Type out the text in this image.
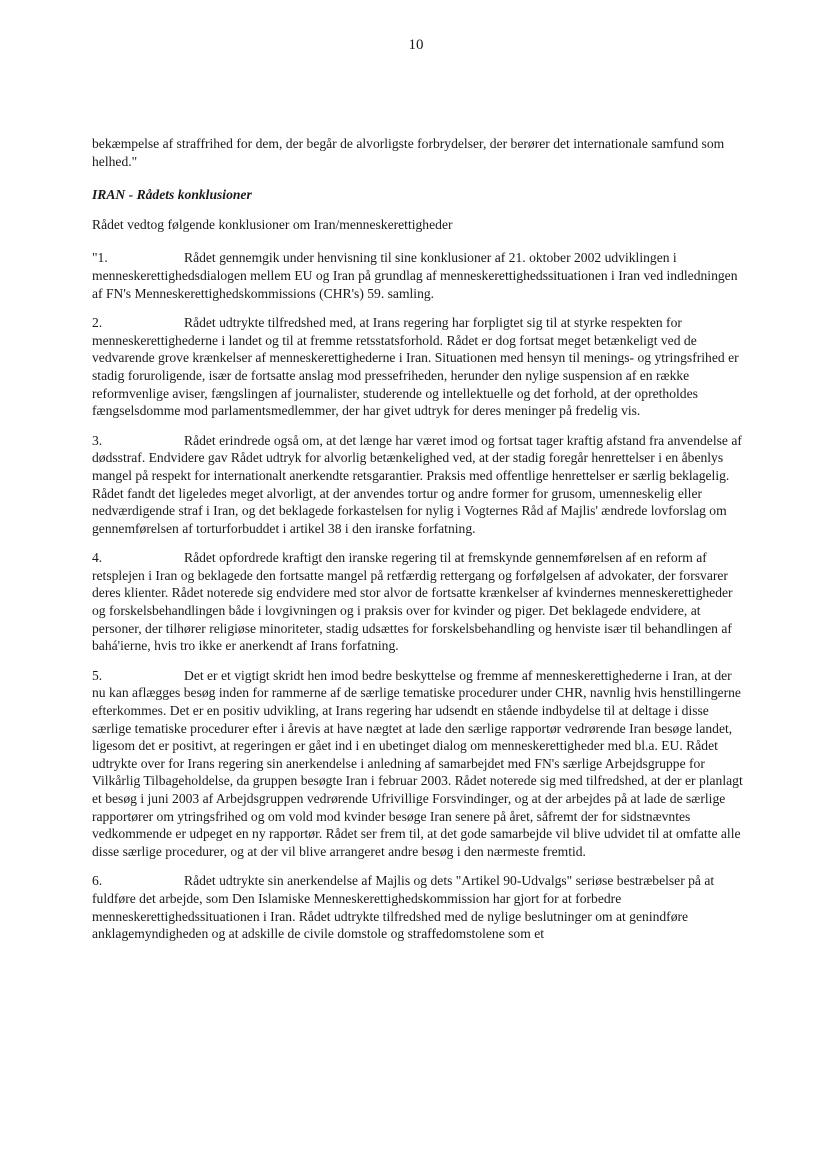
10

bekæmpelse af straffrihed for dem, der begår de alvorligste forbrydelser, der berører det internationale samfund som helhed."

IRAN - Rådets konklusioner

Rådet vedtog følgende konklusioner om Iran/menneskerettigheder

"1.	Rådet gennemgik under henvisning til sine konklusioner af 21. oktober 2002 udviklingen i menneskerettighedsdialogen mellem EU og Iran på grundlag af menneskerettighedssituationen i Iran ved indledningen af FN's Menneskerettighedskommissions (CHR's) 59. samling.

2.	Rådet udtrykte tilfredshed med, at Irans regering har forpligtet sig til at styrke respekten for menneskerettighederne i landet og til at fremme retsstatsforhold. Rådet er dog fortsat meget betænkeligt ved de vedvarende grove krænkelser af menneskerettighederne i Iran. Situationen med hensyn til menings- og ytringsfrihed er stadig foruroligende, især de fortsatte anslag mod pressefriheden, herunder den nylige suspension af en række reformvenlige aviser, fængslingen af journalister, studerende og intellektuelle og det forhold, at der opretholdes fængselsdomme mod parlamentsmedlemmer, der har givet udtryk for deres meninger på fredelig vis.

3.	Rådet erindrede også om, at det længe har været imod og fortsat tager kraftig afstand fra anvendelse af dødsstraf. Endvidere gav Rådet udtryk for alvorlig betænkelighed ved, at der stadig foregår henrettelser i en åbenlys mangel på respekt for internationalt anerkendte retsgarantier. Praksis med offentlige henrettelser er særlig beklagelig. Rådet fandt det ligeledes meget alvorligt, at der anvendes tortur og andre former for grusom, umenneskelig eller nedværdigende straf i Iran, og det beklagede forkastelsen for nylig i Vogternes Råd af Majlis' ændrede lovforslag om gennemførelsen af torturforbuddet i artikel 38 i den iranske forfatning.

4.	Rådet opfordrede kraftigt den iranske regering til at fremskynde gennemførelsen af en reform af retsplejen i Iran og beklagede den fortsatte mangel på retfærdig rettergang og forfølgelsen af advokater, der forsvarer deres klienter. Rådet noterede sig endvidere med stor alvor de fortsatte krænkelser af kvindernes menneskerettigheder og forskelsbehandlingen både i lovgivningen og i praksis over for kvinder og piger. Det beklagede endvidere, at personer, der tilhører religiøse minoriteter, stadig udsættes for forskelsbehandling og henviste især til behandlingen af bahá'ierne, hvis tro ikke er anerkendt af Irans forfatning.

5.	Det er et vigtigt skridt hen imod bedre beskyttelse og fremme af menneskerettighederne i Iran, at der nu kan aflægges besøg inden for rammerne af de særlige tematiske procedurer under CHR, navnlig hvis henstillingerne efterkommes. Det er en positiv udvikling, at Irans regering har udsendt en stående indbydelse til at deltage i disse særlige tematiske procedurer efter i årevis at have nægtet at lade den særlige rapportør vedrørende Iran besøge landet, ligesom det er positivt, at regeringen er gået ind i en ubetinget dialog om menneskerettigheder med bl.a. EU. Rådet udtrykte over for Irans regering sin anerkendelse i anledning af samarbejdet med FN's særlige Arbejdsgruppe for Vilkårlig Tilbageholdelse, da gruppen besøgte Iran i februar 2003. Rådet noterede sig med tilfredshed, at der er planlagt et besøg i juni 2003 af Arbejdsgruppen vedrørende Ufrivillige Forsvindinger, og at der arbejdes på at lade de særlige rapportører om ytringsfrihed og om vold mod kvinder besøge Iran senere på året, såfremt der for sidstnævntes vedkommende er udpeget en ny rapportør. Rådet ser frem til, at det gode samarbejde vil blive udvidet til at omfatte alle disse særlige procedurer, og at der vil blive arrangeret andre besøg i den nærmeste fremtid.

6.	Rådet udtrykte sin anerkendelse af Majlis og dets "Artikel 90-Udvalgs" seriøse bestræbelser på at fuldføre det arbejde, som Den Islamiske Menneskerettighedskommission har gjort for at forbedre menneskerettighedssituationen i Iran. Rådet udtrykte tilfredshed med de nylige beslutninger om at genindføre anklagemyndigheden og at adskille de civile domstole og straffedomstolene som et
